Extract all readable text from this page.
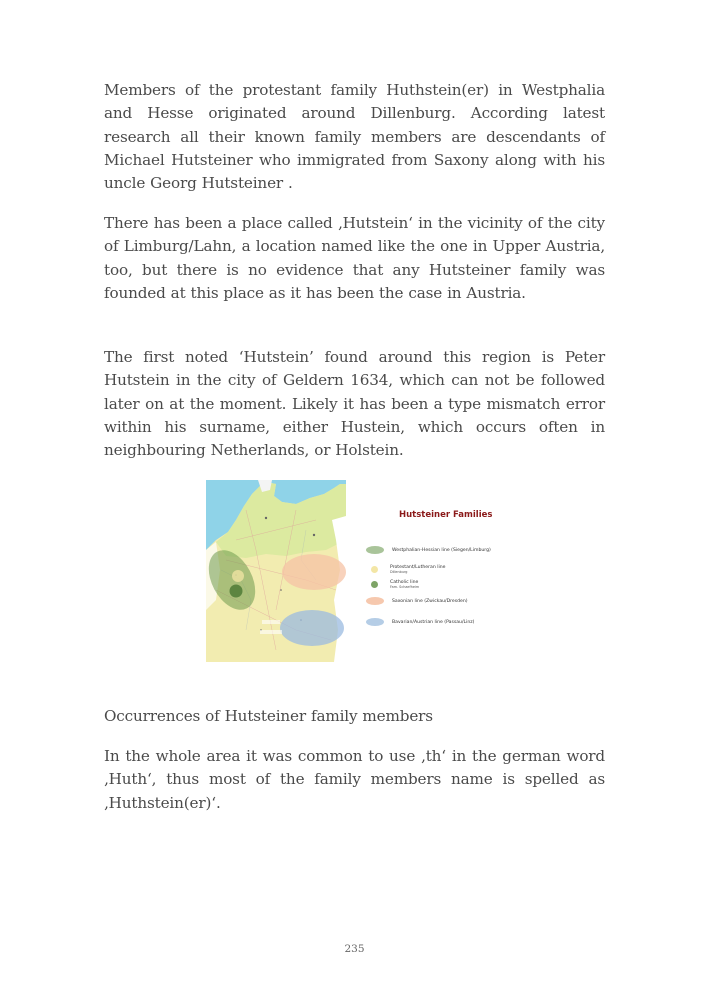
Members of the protestant family Huthstein(er) in Westphalia and Hesse originated around Dillenburg. According latest research all their known family members are descendants of Michael Hutsteiner who immigrated from Saxony along with his uncle Georg Hutsteiner .

There has been a place called ‚Hutstein‘ in the vicinity of the city of Limburg/Lahn, a location named like the one in Upper Austria, too, but there is no evidence that any Hutsteiner family was founded at this place as it has been the case in Austria.

The first noted ‘Hutstein’ found around this region is Peter Hutstein in the city of Geldern 1634, which can not be followed later on at the moment. Likely it has been a type mismatch error within his surname, either Hustein, which occurs often in neighbouring Netherlands, or Holstein.

Hutsteiner Families
Westphalian-Hessian line (Siegen/Limburg)
Protestant/Lutheran line
Dillenburg
Catholic line
Fam. Schaefheim
Saxonian line (Zwickau/Dresden)
Bavarian/Austrian line (Passau/Linz)

Occurrences of Hutsteiner family members

In the whole area it was common to use ‚th‘ in the german word ‚Huth‘, thus most of the family members name is spelled as ‚Huthstein(er)‘.

235
